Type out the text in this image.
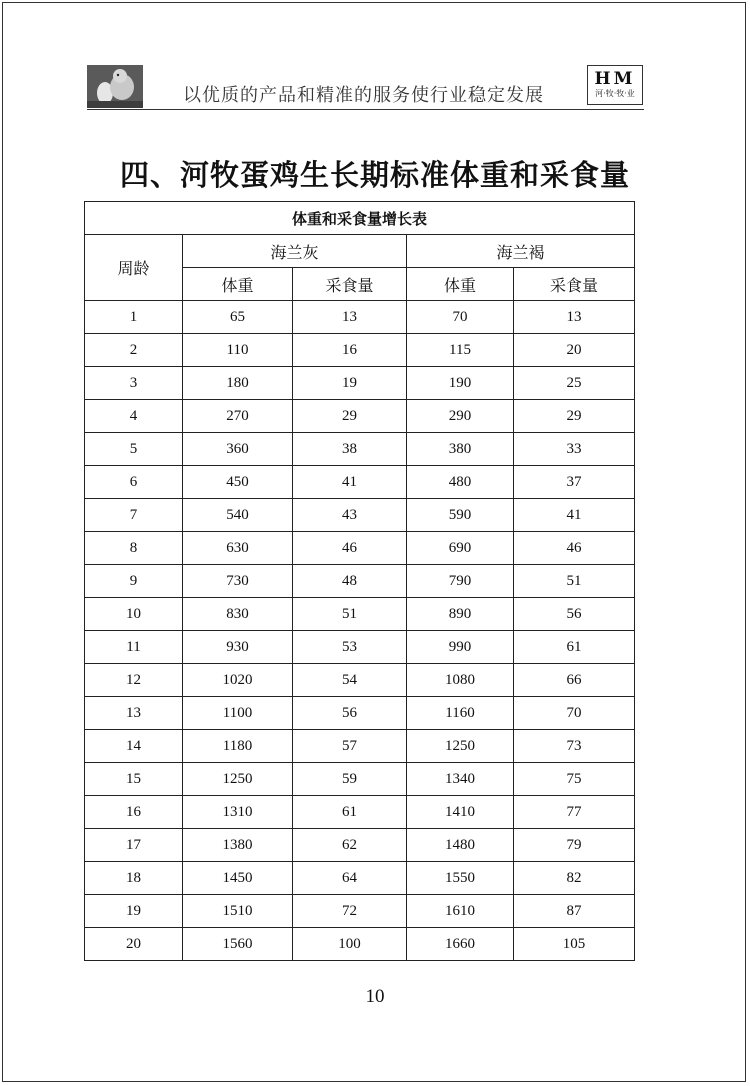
以优质的产品和精准的服务使行业稳定发展
HM
河·牧·牧·业
四、河牧蛋鸡生长期标准体重和采食量
10
体重和采食量增长表				
周龄	海兰灰		海兰褐	
	体重	采食量	体重	采食量
1	65	13	70	13
2	110	16	115	20
3	180	19	190	25
4	270	29	290	29
5	360	38	380	33
6	450	41	480	37
7	540	43	590	41
8	630	46	690	46
9	730	48	790	51
10	830	51	890	56
11	930	53	990	61
12	1020	54	1080	66
13	1100	56	1160	70
14	1180	57	1250	73
15	1250	59	1340	75
16	1310	61	1410	77
17	1380	62	1480	79
18	1450	64	1550	82
19	1510	72	1610	87
20	1560	100	1660	105
